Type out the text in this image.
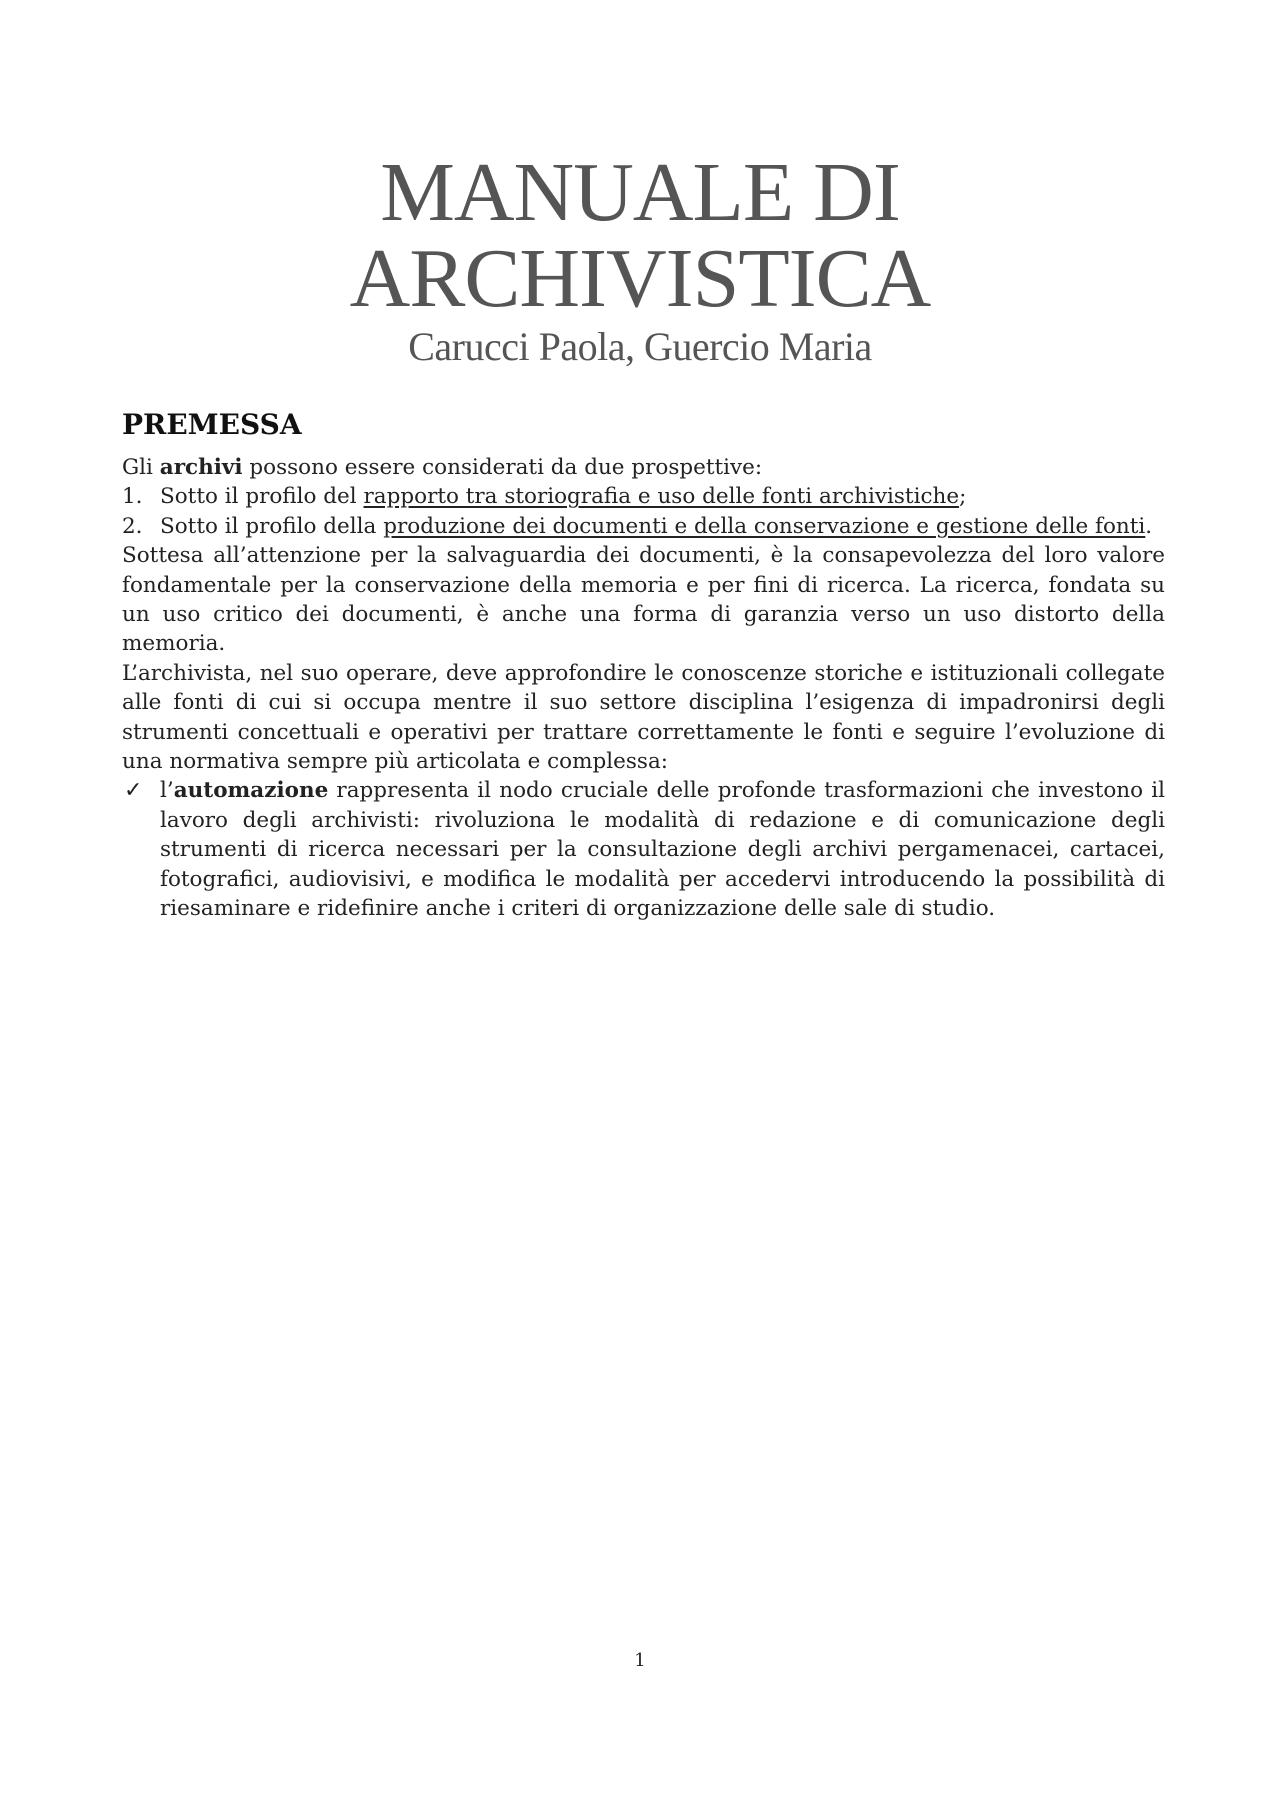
MANUALE DI
ARCHIVISTICA
Carucci Paola, Guercio Maria
PREMESSA

Gli archivi possono essere considerati da due prospettive:

1. Sotto il profilo del rapporto tra storiografia e uso delle fonti archivistiche;
2. Sotto il profilo della produzione dei documenti e della conservazione e gestione delle fonti.

Sottesa all’attenzione per la salvaguardia dei documenti, è la consapevolezza del loro valore fondamentale per la conservazione della memoria e per fini di ricerca. La ricerca, fondata su un uso critico dei documenti, è anche una forma di garanzia verso un uso distorto della memoria.

L’archivista, nel suo operare, deve approfondire le conoscenze storiche e istituzionali collegate alle fonti di cui si occupa mentre il suo settore disciplina l’esigenza di impadronirsi degli strumenti concettuali e operativi per trattare correttamente le fonti e seguire l’evoluzione di una normativa sempre più articolata e complessa:

✓ l’automazione rappresenta il nodo cruciale delle profonde trasformazioni che investono il lavoro degli archivisti: rivoluziona le modalità di redazione e di comunicazione degli strumenti di ricerca necessari per la consultazione degli archivi pergamenacei, cartacei, fotografici, audiovisivi, e modifica le modalità per accedervi introducendo la possibilità di riesaminare e ridefinire anche i criteri di organizzazione delle sale di studio.
1
